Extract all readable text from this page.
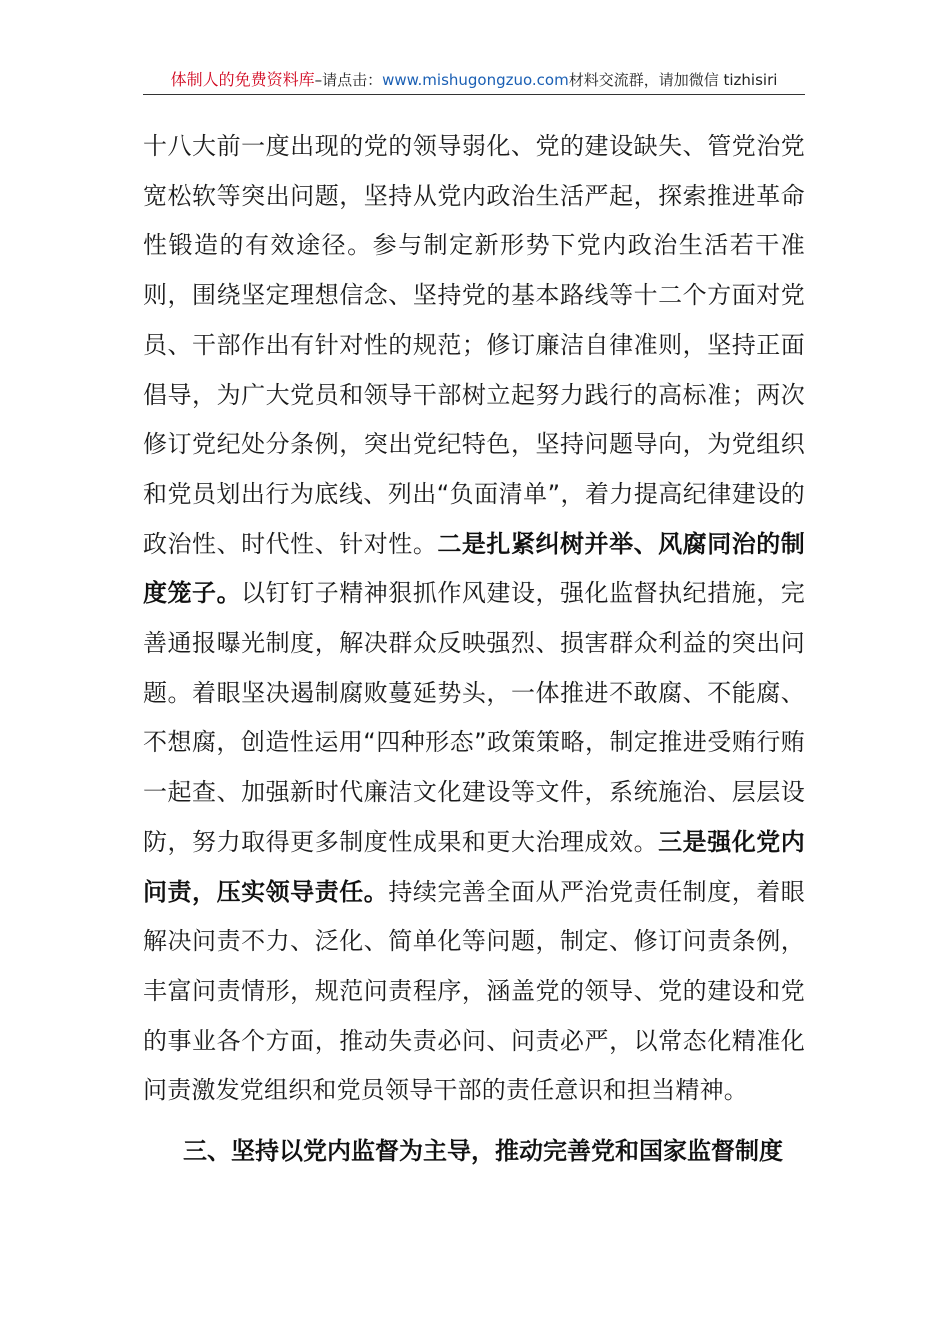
体制人的免费资料库–请点击：www.mishugongzuo.com材料交流群，请加微信 tizhisiri
十八大前一度出现的党的领导弱化、党的建设缺失、管党治党宽松软等突出问题，坚持从党内政治生活严起，探索推进革命性锻造的有效途径。参与制定新形势下党内政治生活若干准则，围绕坚定理想信念、坚持党的基本路线等十二个方面对党员、干部作出有针对性的规范；修订廉洁自律准则，坚持正面倡导，为广大党员和领导干部树立起努力践行的高标准；两次修订党纪处分条例，突出党纪特色，坚持问题导向，为党组织和党员划出行为底线、列出“负面清单”，着力提高纪律建设的政治性、时代性、针对性。二是扎紧纠树并举、风腐同治的制度笼子。以钉钉子精神狠抓作风建设，强化监督执纪措施，完善通报曝光制度，解决群众反映强烈、损害群众利益的突出问题。着眼坚决遏制腐败蔓延势头，一体推进不敢腐、不能腐、不想腐，创造性运用“四种形态”政策策略，制定推进受贿行贿一起查、加强新时代廉洁文化建设等文件，系统施治、层层设防，努力取得更多制度性成果和更大治理成效。三是强化党内问责，压实领导责任。持续完善全面从严治党责任制度，着眼解决问责不力、泛化、简单化等问题，制定、修订问责条例，丰富问责情形，规范问责程序，涵盖党的领导、党的建设和党的事业各个方面，推动失责必问、问责必严，以常态化精准化问责激发党组织和党员领导干部的责任意识和担当精神。
三、坚持以党内监督为主导，推动完善党和国家监督制度
